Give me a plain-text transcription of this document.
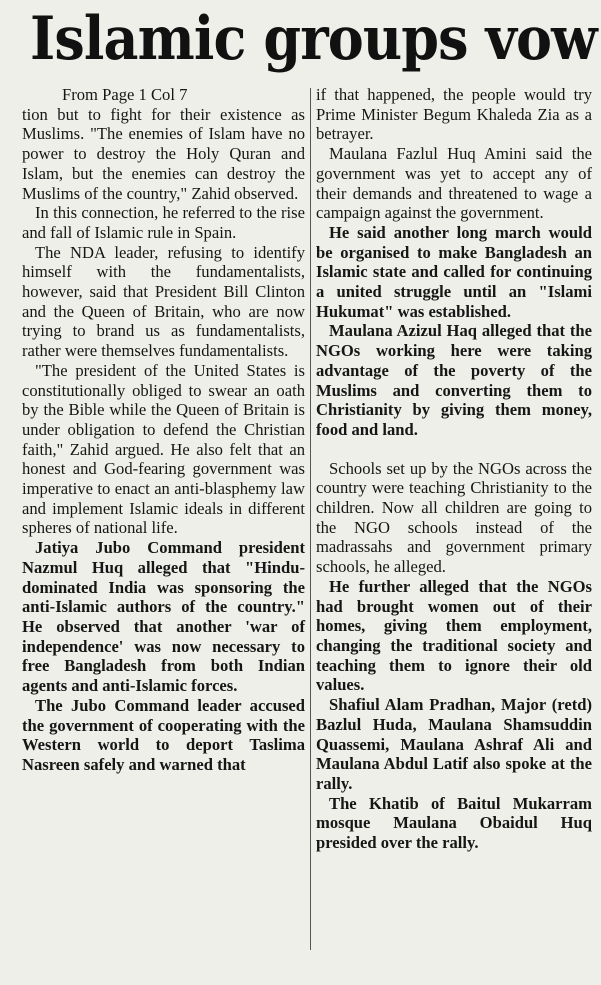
Islamic groups vow

From Page 1 Col 7

tion but to fight for their existence as Muslims. "The enemies of Islam have no power to destroy the Holy Quran and Islam, but the enemies can destroy the Muslims of the country," Zahid observed.

In this connection, he referred to the rise and fall of Islamic rule in Spain.

The NDA leader, refusing to identify himself with the fundamentalists, however, said that President Bill Clinton and the Queen of Britain, who are now trying to brand us as fundamentalists, rather were themselves fundamentalists.

"The president of the United States is constitutionally obliged to swear an oath by the Bible while the Queen of Britain is under obligation to defend the Christian faith," Zahid argued. He also felt that an honest and God-fearing government was imperative to enact an anti-blasphemy law and implement Islamic ideals in different spheres of national life.

Jatiya Jubo Command president Nazmul Huq alleged that "Hindu-dominated India was sponsoring the anti-Islamic authors of the country." He observed that another 'war of independence' was now necessary to free Bangladesh from both Indian agents and anti-Islamic forces.

The Jubo Command leader accused the government of cooperating with the Western world to deport Taslima Nasreen safely and warned that

if that happened, the people would try Prime Minister Begum Khaleda Zia as a betrayer.

Maulana Fazlul Huq Amini said the government was yet to accept any of their demands and threatened to wage a campaign against the government.

He said another long march would be organised to make Bangladesh an Islamic state and called for continuing a united struggle until an "Islami Hukumat" was established.

Maulana Azizul Haq alleged that the NGOs working here were taking advantage of the poverty of the Muslims and converting them to Christianity by giving them money, food and land.

Schools set up by the NGOs across the country were teaching Christianity to the children. Now all children are going to the NGO schools instead of the madrassahs and government primary schools, he alleged.

He further alleged that the NGOs had brought women out of their homes, giving them employment, changing the traditional society and teaching them to ignore their old values.

Shafiul Alam Pradhan, Major (retd) Bazlul Huda, Maulana Shamsuddin Quassemi, Maulana Ashraf Ali and Maulana Abdul Latif also spoke at the rally.

The Khatib of Baitul Mukarram mosque Maulana Obaidul Huq presided over the rally.
